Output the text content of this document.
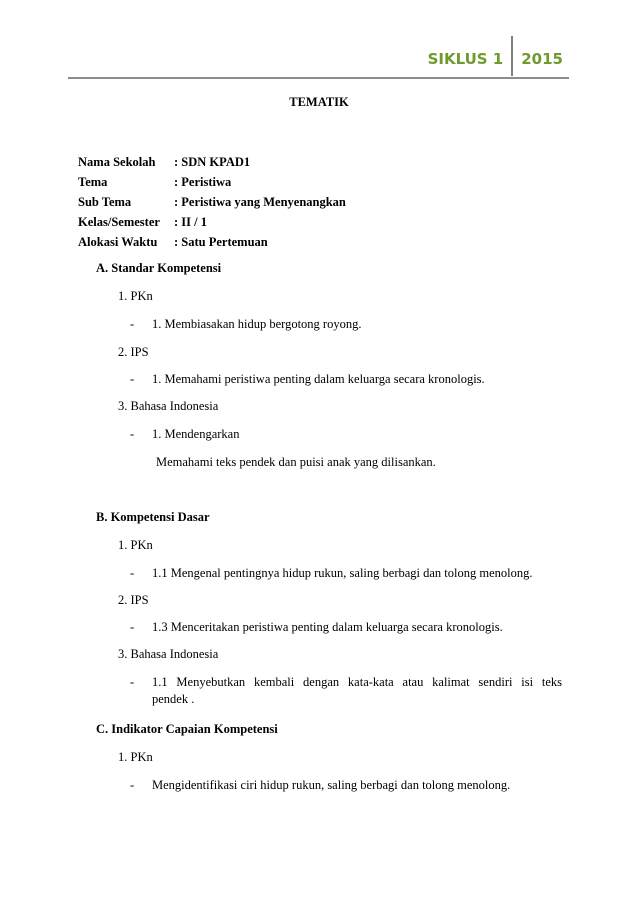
SIKLUS 1	2015
TEMATIK
Nama Sekolah	: SDN KPAD1
Tema	: Peristiwa
Sub Tema	: Peristiwa yang Menyenangkan
Kelas/Semester	: II / 1
Alokasi Waktu	: Satu Pertemuan
A. Standar Kompetensi
1. PKn
- 1. Membiasakan hidup bergotong royong.
2. IPS
- 1. Memahami peristiwa penting dalam keluarga secara kronologis.
3. Bahasa Indonesia
- 1. Mendengarkan
Memahami teks pendek dan puisi anak yang dilisankan.
B. Kompetensi Dasar
1. PKn
- 1.1 Mengenal pentingnya hidup rukun, saling berbagi dan tolong menolong.
2. IPS
- 1.3 Menceritakan peristiwa penting dalam keluarga secara kronologis.
3. Bahasa Indonesia
-	1.1 Menyebutkan kembali dengan kata-kata atau kalimat sendiri isi teks
pendek .
C. Indikator Capaian Kompetensi
1. PKn
- Mengidentifikasi ciri hidup rukun, saling berbagi dan tolong menolong.
